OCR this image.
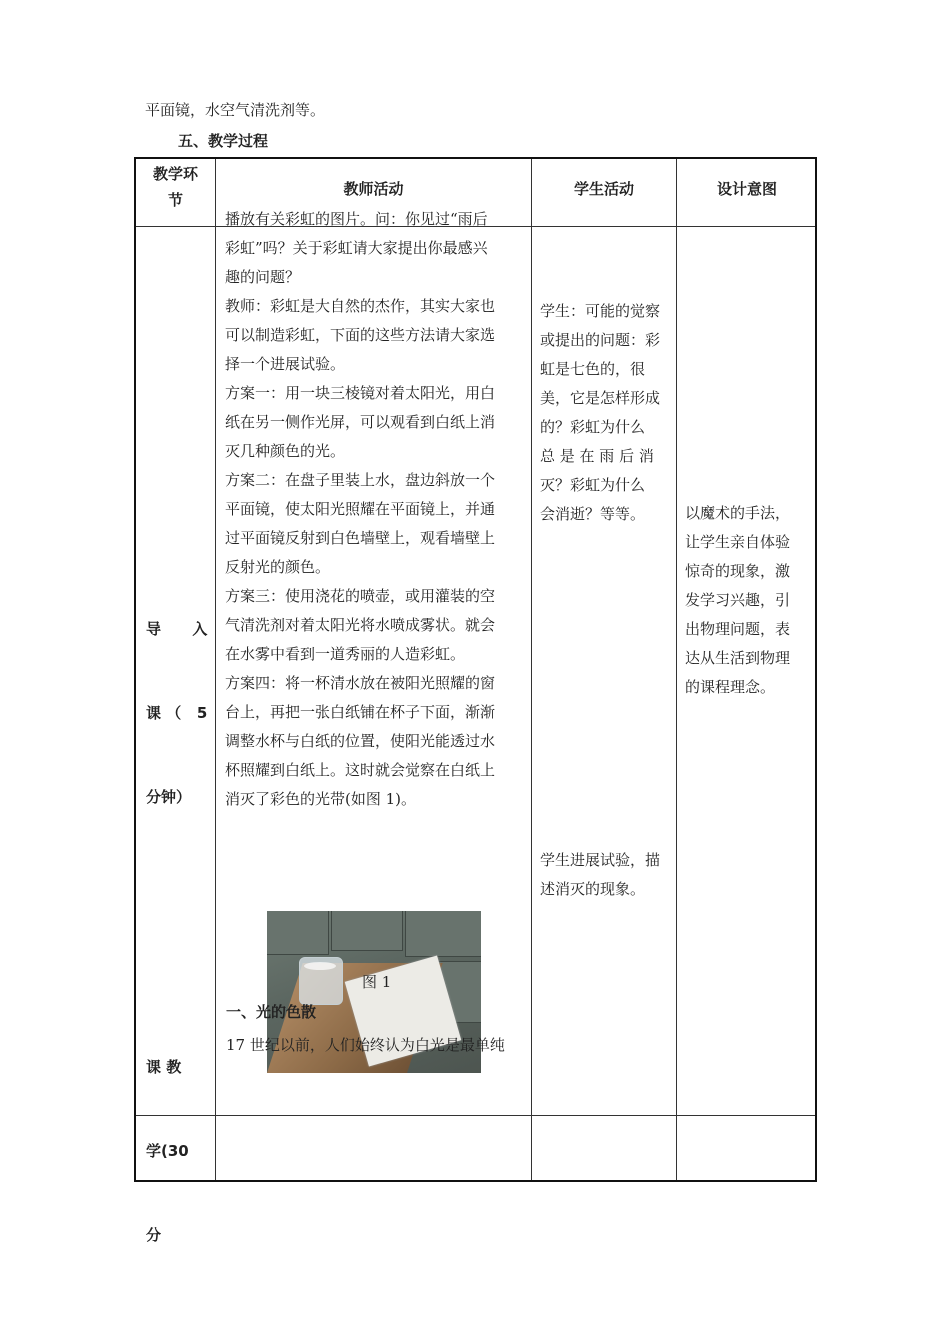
平面镜，水空气清洗剂等。
五、教学过程
教学环
节
教师活动	学生活动	设计意图

播放有关彩虹的图片。问：你见过“雨后

彩虹”吗？关于彩虹请大家提出你最感兴

趣的问题？

教师：彩虹是大自然的杰作，其实大家也

可以制造彩虹，下面的这些方法请大家选

择一个进展试验。

方案一：用一块三棱镜对着太阳光，用白

纸在另一侧作光屏，可以观看到白纸上消

灭几种颜色的光。

方案二：在盘子里装上水，盘边斜放一个

平面镜，使太阳光照耀在平面镜上，并通

过平面镜反射到白色墙壁上，观看墙壁上

反射光的颜色。

方案三：使用浇花的喷壶，或用灌装的空

气清洗剂对着太阳光将水喷成雾状。就会

在水雾中看到一道秀丽的人造彩虹。

方案四：将一杯清水放在被阳光照耀的窗

台上，再把一张白纸铺在杯子下面，渐渐

调整水杯与白纸的位置，使阳光能透过水

杯照耀到白纸上。这时就会觉察在白纸上

消灭了彩色的光带(如图 1)。

图 1
一、光的色散
17 世纪以前，人们始终认为白光是最单纯
学生：可能的觉察
或提出的问题：彩
虹是七色的，很
美，它是怎样形成
的？彩虹为什么
总 是 在 雨 后 消
灭？彩虹为什么
会消逝？等等。
学生进展试验，描
述消灭的现象。
以魔术的手法，
让学生亲自体验
惊奇的现象，激
发学习兴趣，引
出物理问题，表
达从生活到物理
的课程理念。

导      入

课 （   5

分钟）

课 教

学(30

分
